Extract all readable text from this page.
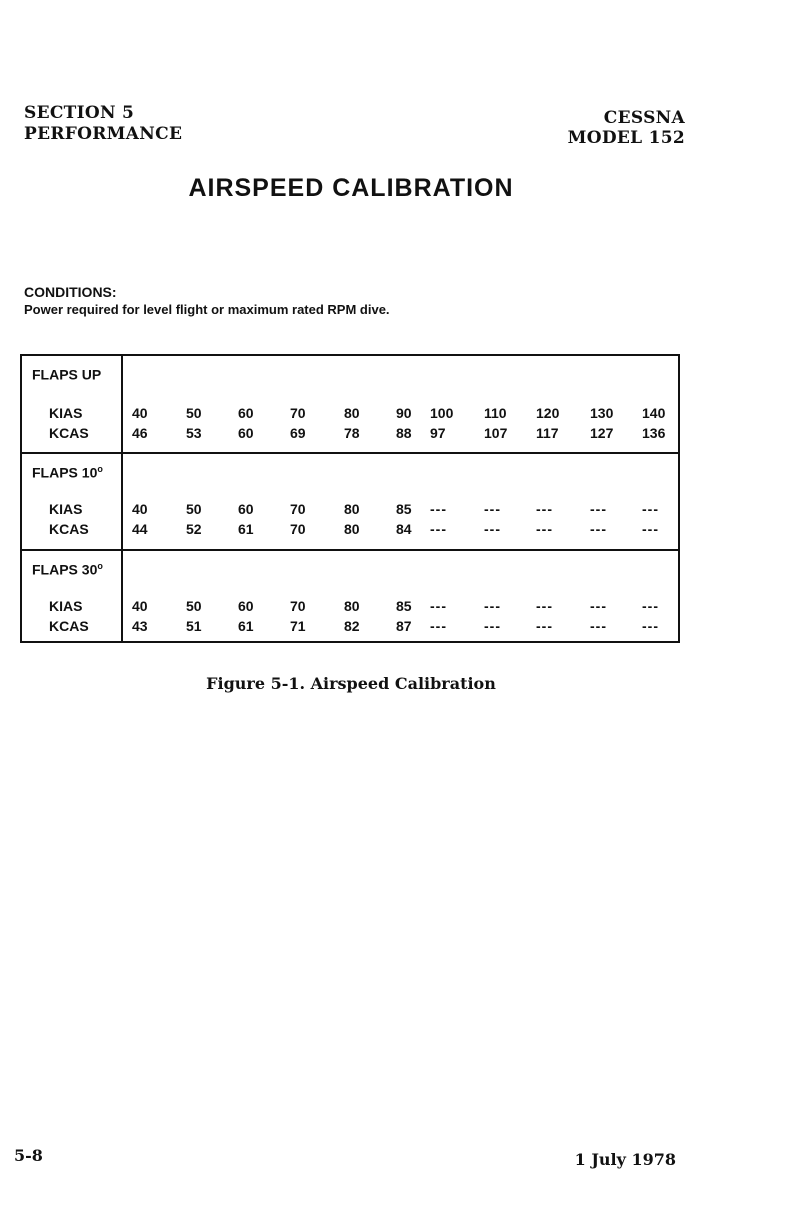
SECTION 5
PERFORMANCE
CESSNA
MODEL 152
AIRSPEED CALIBRATION
CONDITIONS:
Power required for level flight or maximum rated RPM dive.
FLAPS UP
KIAS	40	50	60	70	80	90	100	110	120	130	140
KCAS	46	53	60	69	78	88	97	107	117	127	136
FLAPS 10$^o$
KIAS	40	50	60	70	80	85	---	---	---	---	---
KCAS	44	52	61	70	80	84	---	---	---	---	---
FLAPS 30$^o$
KIAS	40	50	60	70	80	85	---	---	---	---	---
KCAS	43	51	61	71	82	87	---	---	---	---	---
Figure 5-1. Airspeed Calibration
5-8	1 July 1978
